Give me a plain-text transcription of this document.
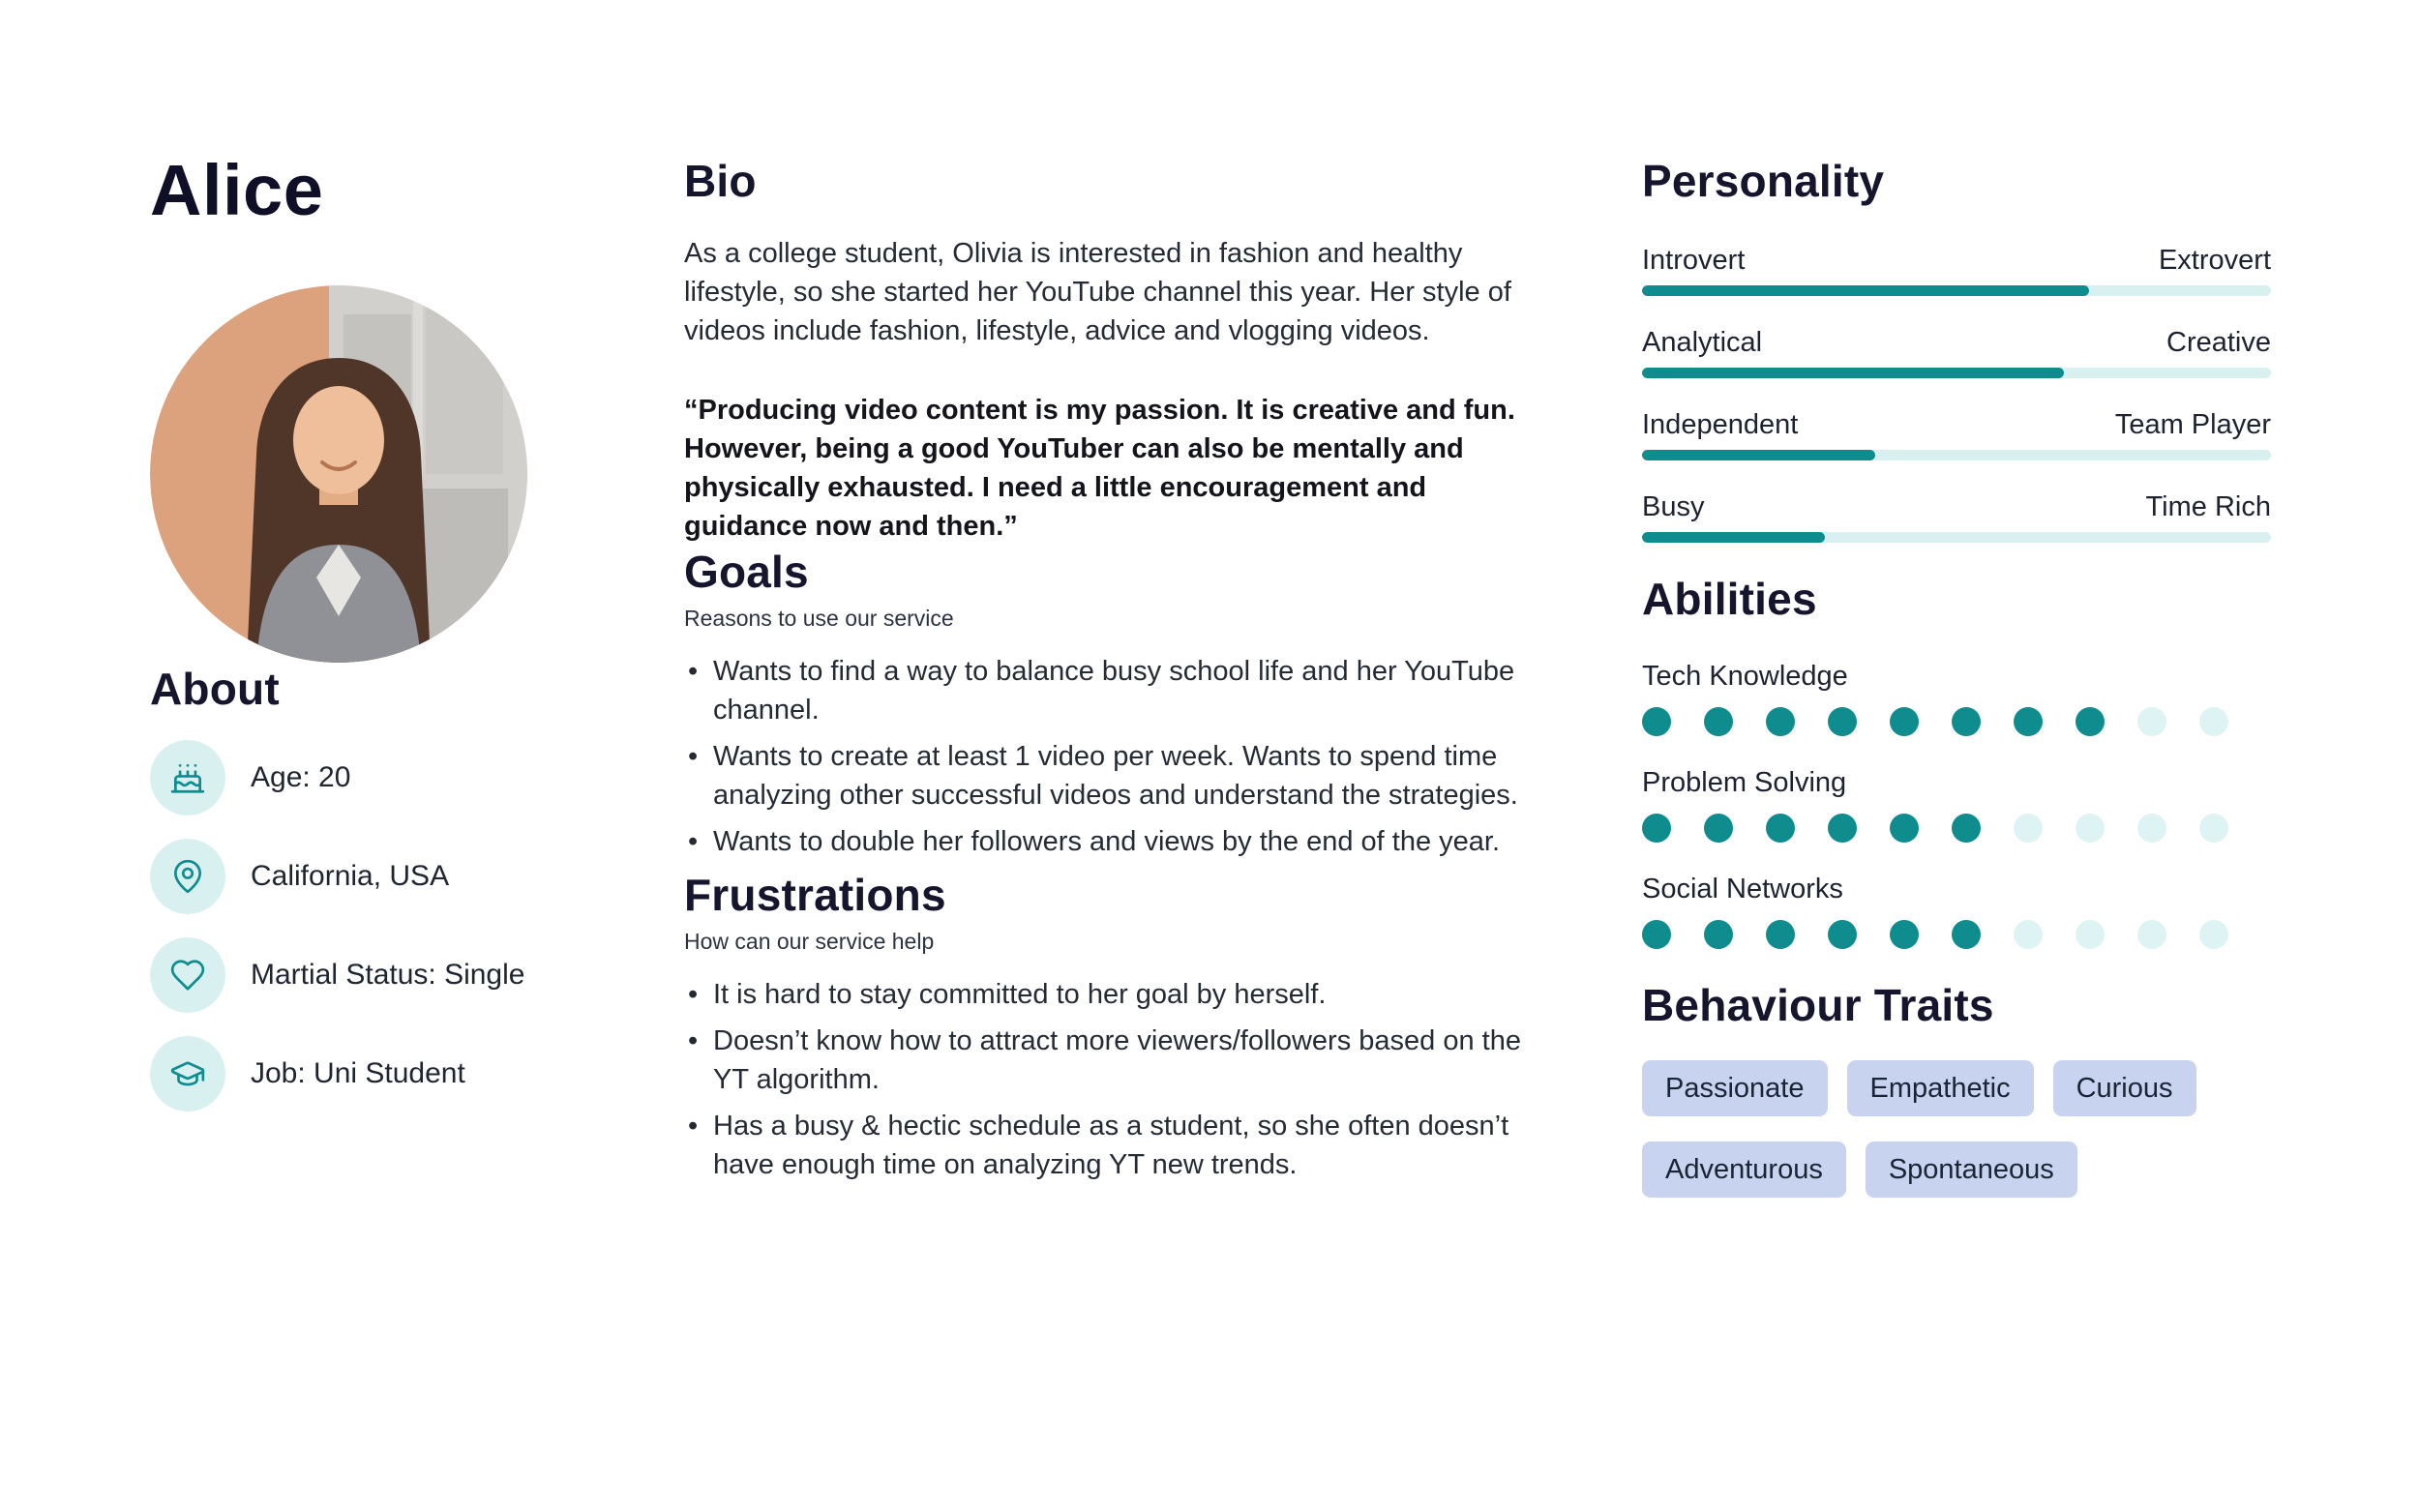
Alice
About
Age: 20
California, USA
Martial Status: Single
Job: Uni Student
Bio

As a college student, Olivia is interested in fashion and healthy lifestyle, so she started her YouTube channel this year. Her style of videos include fashion, lifestyle, advice and vlogging videos.

“Producing video content is my passion. It is creative and fun. However, being a good YouTuber can also be mentally and physically exhausted. I need a little encouragement and guidance now and then.”

Goals
Reasons to use our service
• Wants to find a way to balance busy school life and her YouTube channel.
• Wants to create at least 1 video per week. Wants to spend time analyzing other successful videos and understand the strategies.
• Wants to double her followers and views by the end of the year.
Frustrations
How can our service help
• It is hard to stay committed to her goal by herself.
• Doesn’t know how to attract more viewers/followers based on the YT algorithm.
• Has a busy & hectic schedule as a student, so she often doesn’t have enough time on analyzing YT new trends.
Personality
Introvert	Extrovert
Analytical	Creative
Independent	Team Player
Busy	Time Rich
Abilities
Tech Knowledge
Problem Solving
Social Networks
Behaviour Traits
Passionate	Empathetic	Curious
Adventurous	Spontaneous
